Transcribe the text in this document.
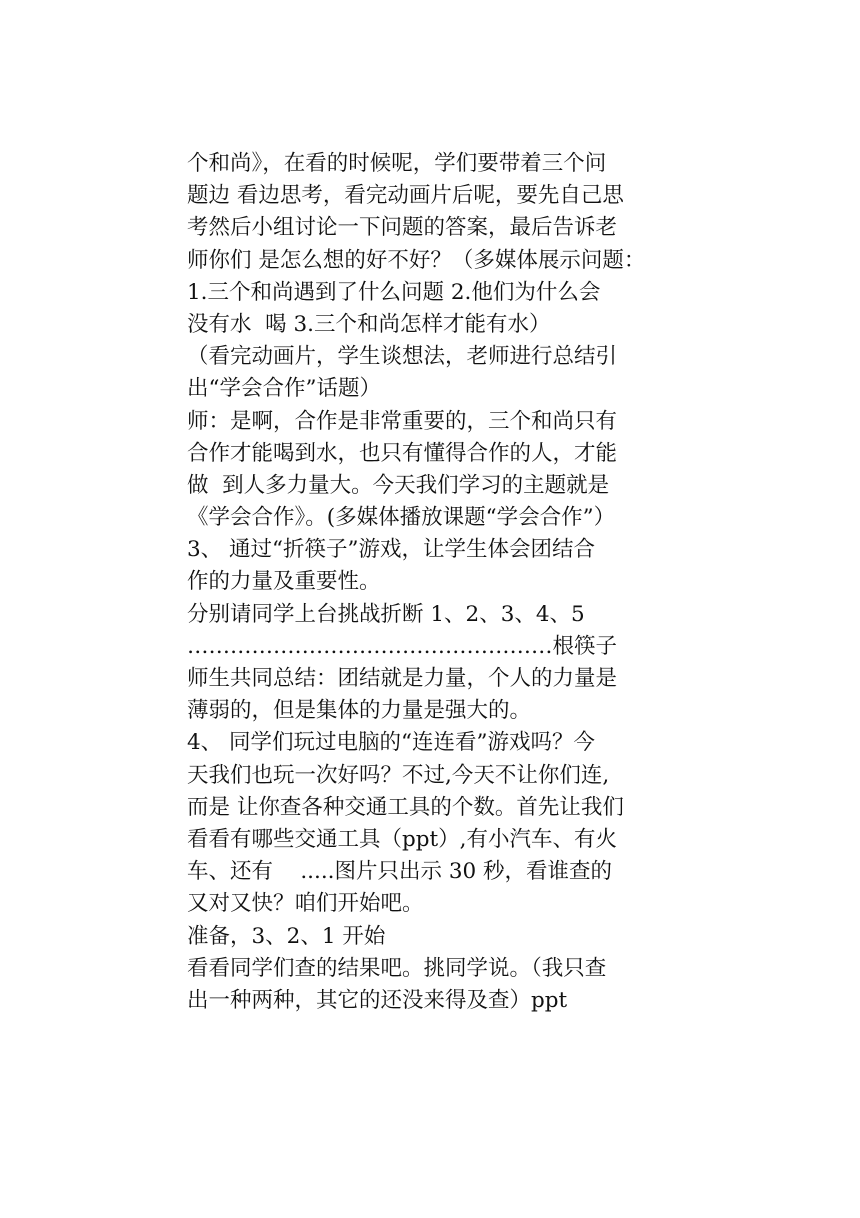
个和尚》，在看的时候呢，学们要带着三个问
题边 看边思考，看完动画片后呢，要先自己思
考然后小组讨论一下问题的答案，最后告诉老
师你们 是怎么想的好不好？（多媒体展示问题：
1.三个和尚遇到了什么问题 2.他们为什么会
没有水  喝 3.三个和尚怎样才能有水）
（看完动画片，学生谈想法，老师进行总结引
出“学会合作”话题）
师：是啊，合作是非常重要的，三个和尚只有
合作才能喝到水，也只有懂得合作的人，才能
做  到人多力量大。今天我们学习的主题就是
《学会合作》。(多媒体播放课题“学会合作”）
3、 通过“折筷子”游戏，让学生体会团结合
作的力量及重要性。
分别请同学上台挑战折断 1、2、3、4、5
……………………………………………根筷子
师生共同总结：团结就是力量，个人的力量是
薄弱的，但是集体的力量是强大的。
4、 同学们玩过电脑的“连连看”游戏吗？今
天我们也玩一次好吗？不过,今天不让你们连,
而是 让你查各种交通工具的个数。首先让我们
看看有哪些交通工具（ppt）,有小汽车、有火
车、还有    .....图片只出示 30 秒，看谁查的
又对又快？咱们开始吧。
准备，3、2、1 开始
看看同学们查的结果吧。挑同学说。（我只查
出一种两种，其它的还没来得及查）ppt
